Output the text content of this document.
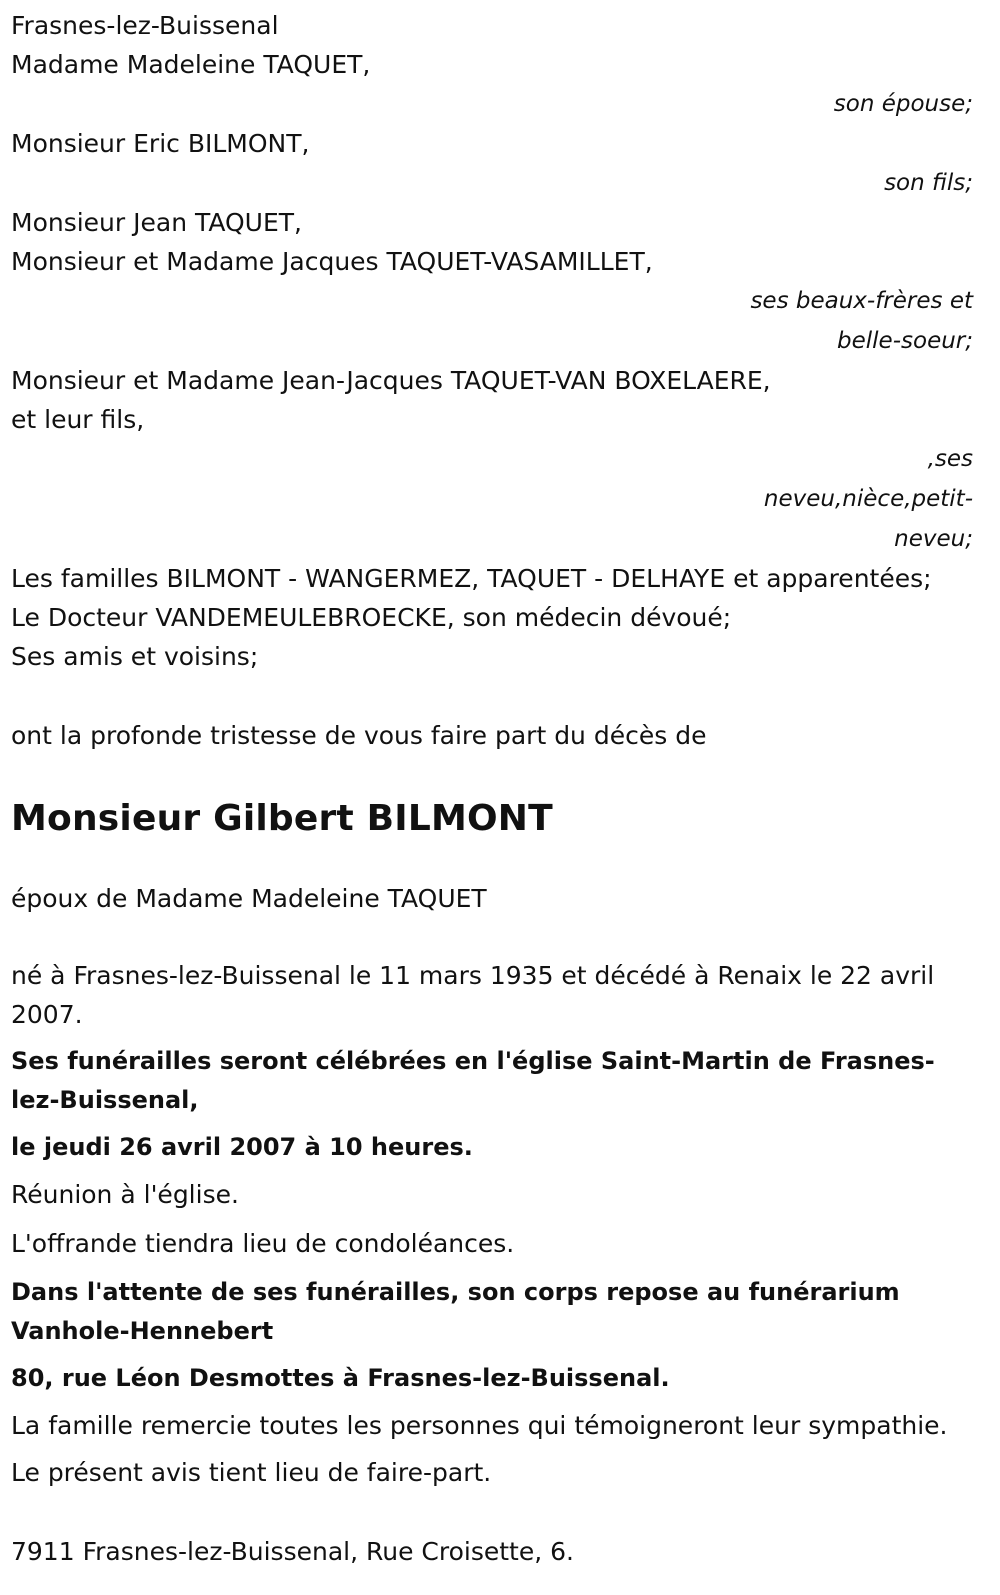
Frasnes-lez-Buissenal
Madame Madeleine TAQUET,
son épouse;
Monsieur Eric BILMONT,
son fils;
Monsieur Jean TAQUET,
Monsieur et Madame Jacques TAQUET-VASAMILLET,
ses beaux-frères et
belle-soeur;
Monsieur et Madame Jean-Jacques TAQUET-VAN BOXELAERE,
et leur fils,
,ses
neveu,nièce,petit-
neveu;
Les familles BILMONT - WANGERMEZ, TAQUET - DELHAYE et apparentées;
Le Docteur VANDEMEULEBROECKE, son médecin dévoué;
Ses amis et voisins;
ont la profonde tristesse de vous faire part du décès de
Monsieur Gilbert BILMONT
époux de Madame Madeleine TAQUET
né à Frasnes-lez-Buissenal le 11 mars 1935 et décédé à Renaix le 22 avril 2007.
Ses funérailles seront célébrées en l'église Saint-Martin de Frasnes-lez-Buissenal,
le jeudi 26 avril 2007 à 10 heures.
Réunion à l'église.
L'offrande tiendra lieu de condoléances.
Dans l'attente de ses funérailles, son corps repose au funérarium Vanhole-Hennebert
80, rue Léon Desmottes à Frasnes-lez-Buissenal.
La famille remercie toutes les personnes qui témoigneront leur sympathie.
Le présent avis tient lieu de faire-part.
7911 Frasnes-lez-Buissenal, Rue Croisette, 6.
